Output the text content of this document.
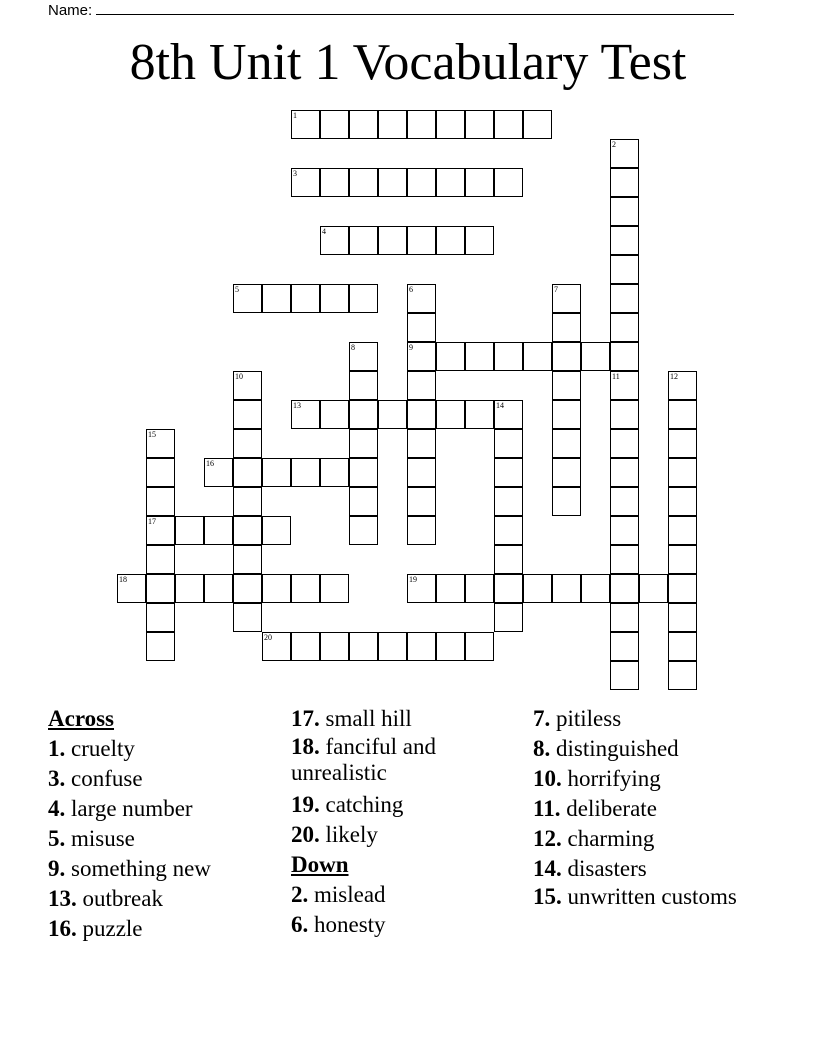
Name:
8th Unit 1 Vocabulary Test
1
2
3
4
5	6
9
7
8
10	11	12
13	14
15
17
16
18	19
20
Across
1. cruelty
3. confuse
4. large number
5. misuse
9. something new
13. outbreak
16. puzzle
17. small hill
18. fanciful and unrealistic
19. catching
20. likely
Down
2. mislead
6. honesty
7. pitiless
8. distinguished
10. horrifying
11. deliberate
12. charming
14. disasters
15. unwritten customs
